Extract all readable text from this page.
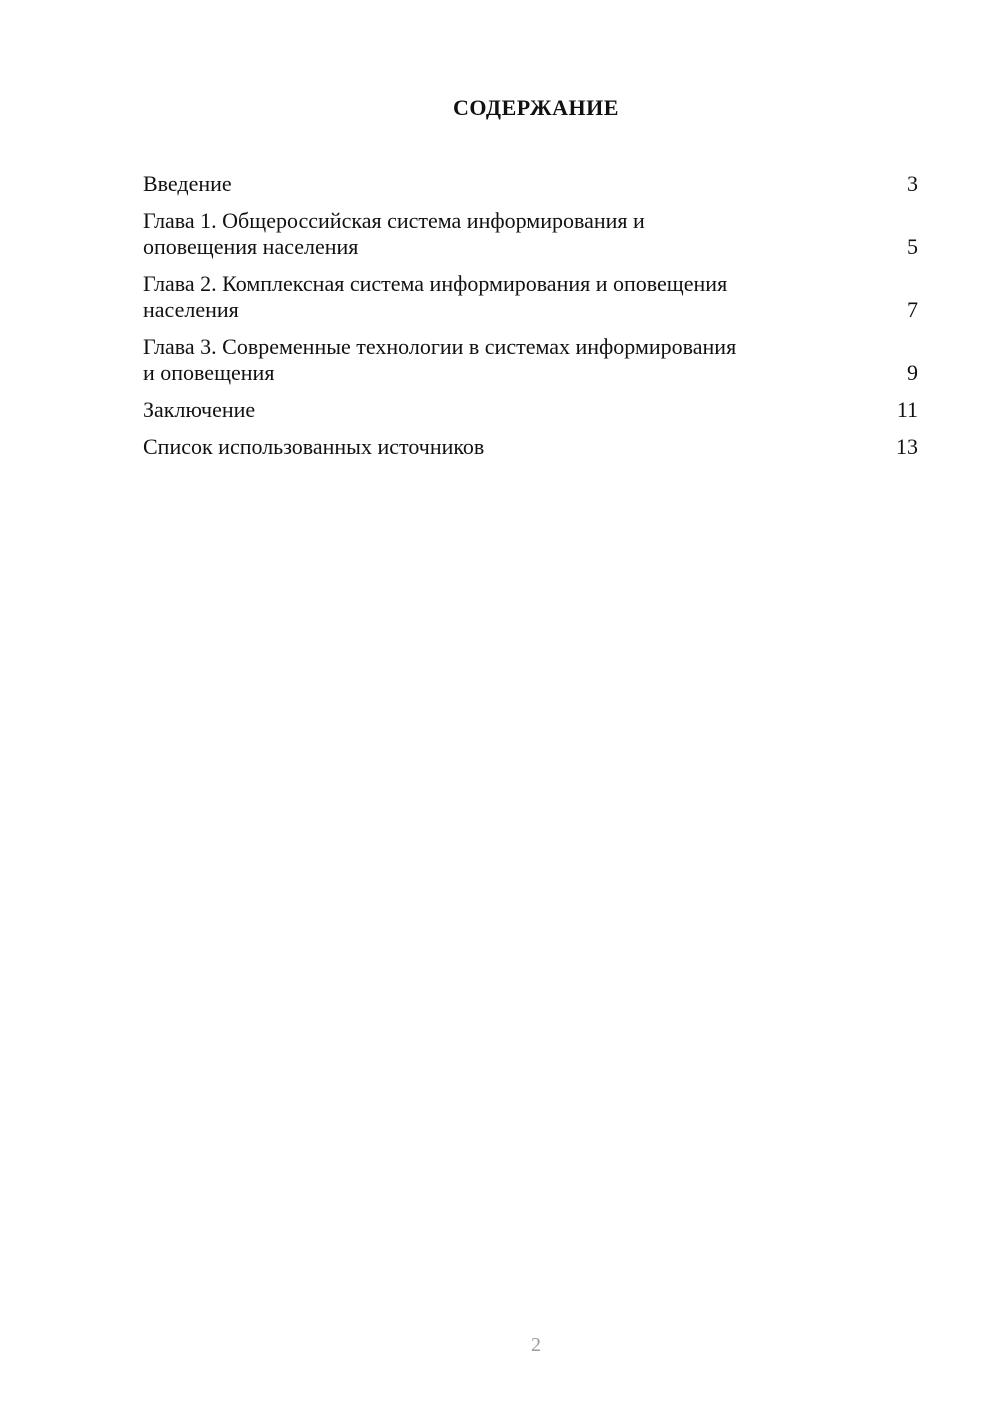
СОДЕРЖАНИЕ
Введение	3
Глава 1. Общероссийская система информирования и
оповещения населения	5
Глава 2. Комплексная система информирования и оповещения
населения	7
Глава 3. Современные технологии в системах информирования
и оповещения	9
Заключение	11
Список использованных источников	13
2
